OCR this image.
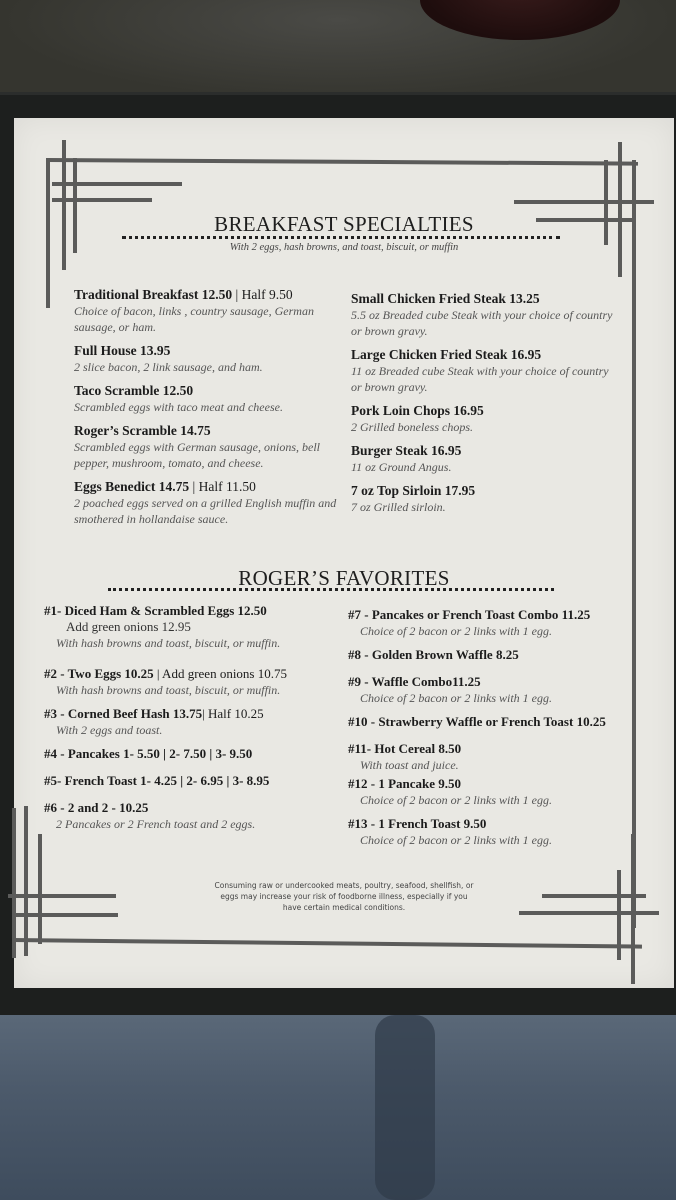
BREAKFAST SPECIALTIES
With 2 eggs, hash browns, and toast, biscuit, or muffin
Traditional Breakfast 12.50 | Half 9.50
Choice of bacon, links , country sausage, German sausage, or ham.
Full House 13.95
2 slice bacon, 2 link sausage, and ham.
Taco Scramble 12.50
Scrambled eggs with taco meat and cheese.
Roger’s Scramble 14.75
Scrambled eggs with German sausage, onions, bell pepper, mushroom, tomato, and cheese.
Eggs Benedict 14.75 | Half 11.50
2 poached eggs served on a grilled English muffin and smothered in hollandaise sauce.
Small Chicken Fried Steak 13.25
5.5 oz Breaded cube Steak with your choice of country or brown gravy.
Large Chicken Fried Steak 16.95
11 oz Breaded cube Steak with your choice of country or brown gravy.
Pork Loin Chops 16.95
2 Grilled boneless chops.
Burger Steak 16.95
11 oz Ground Angus.
7 oz Top Sirloin 17.95
7 oz Grilled sirloin.
ROGER’S FAVORITES
#1- Diced Ham & Scrambled Eggs 12.50
Add green onions 12.95
With hash browns and toast, biscuit, or muffin.
#2 - Two Eggs 10.25 | Add green onions 10.75
With hash browns and toast, biscuit, or muffin.
#3 - Corned Beef Hash 13.75| Half 10.25
With 2 eggs and toast.
#4 - Pancakes 1- 5.50 | 2- 7.50 | 3- 9.50
#5- French Toast 1- 4.25 | 2- 6.95 | 3- 8.95
#6 - 2 and 2 - 10.25
2 Pancakes or 2 French toast and 2 eggs.
#7 - Pancakes or French Toast Combo 11.25
Choice of 2 bacon or 2 links with 1 egg.
#8 - Golden Brown Waffle 8.25
#9 - Waffle Combo11.25
Choice of 2 bacon or 2 links with 1 egg.
#10 - Strawberry Waffle or French Toast 10.25
#11- Hot Cereal 8.50
With toast and juice.
#12 - 1 Pancake 9.50
Choice of 2 bacon or 2 links with 1 egg.
#13 - 1 French Toast 9.50
Choice of 2 bacon or 2 links with 1 egg.
Consuming raw or undercooked meats, poultry, seafood, shellfish, or eggs may increase your risk of foodborne illness, especially if you have certain medical conditions.
